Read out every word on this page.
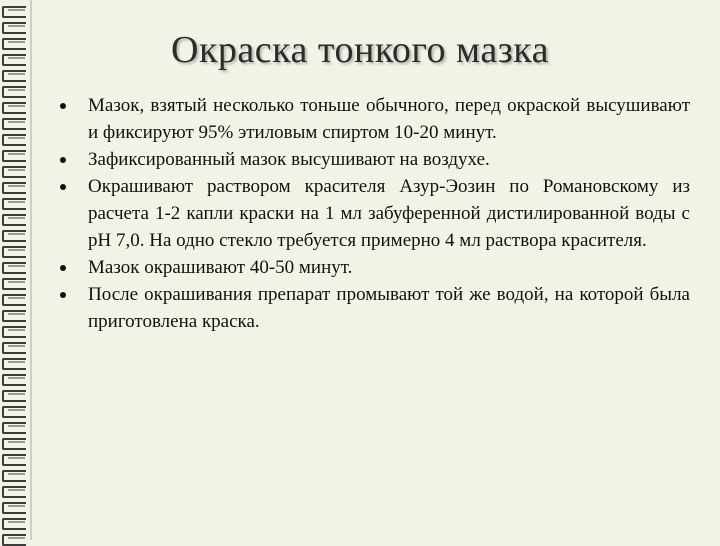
Окраска тонкого мазка
Мазок, взятый несколько тоньше обычного, перед окраской высушивают и фиксируют 95% этиловым спиртом 10-20 минут.
Зафиксированный мазок высушивают на воздухе.
Окрашивают раствором красителя Азур-Эозин по Романовскому из расчета 1-2 капли краски на 1 мл забуференной дистилированной воды с pH 7,0. На одно стекло требуется примерно 4 мл раствора красителя.
Мазок окрашивают 40-50 минут.
После окрашивания препарат промывают той же водой, на которой была приготовлена краска.
